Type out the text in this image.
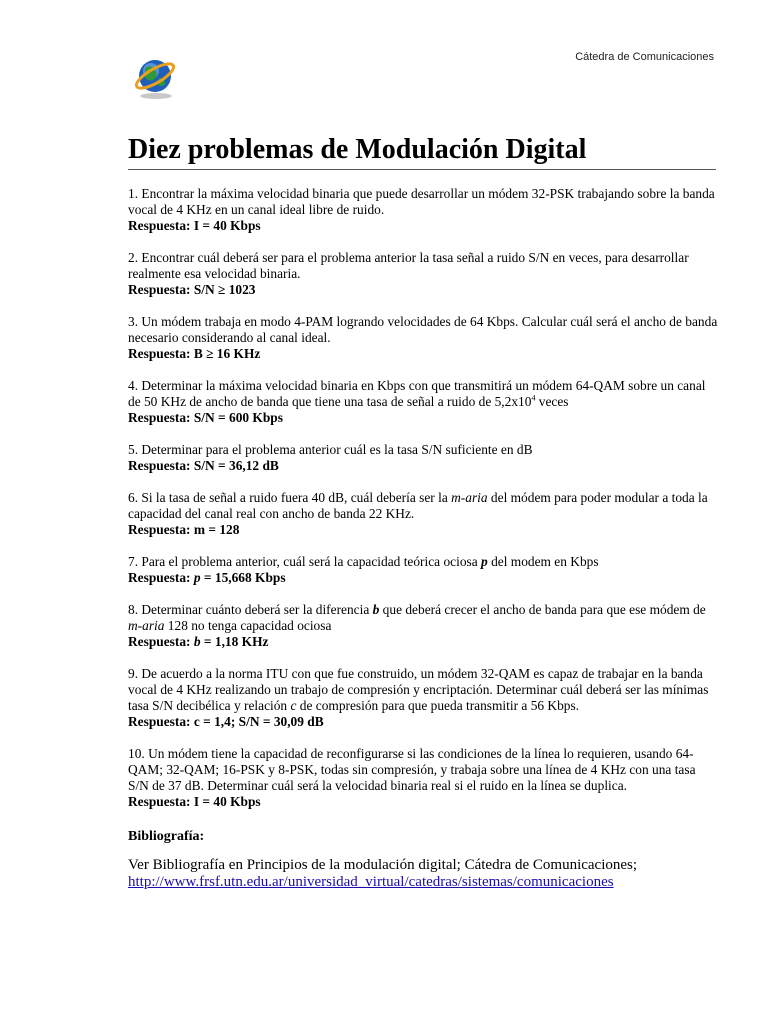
Cátedra de Comunicaciones
Diez problemas de Modulación Digital
1. Encontrar la máxima velocidad binaria que puede desarrollar un módem 32-PSK trabajando sobre la banda vocal de 4 KHz en un canal ideal libre de ruido.
Respuesta: I = 40 Kbps
2. Encontrar cuál deberá ser para el problema anterior la tasa señal a ruido S/N en veces, para desarrollar realmente esa velocidad binaria.
Respuesta: S/N ≥ 1023
3. Un módem trabaja en modo 4-PAM logrando velocidades de 64 Kbps. Calcular cuál será el ancho de banda necesario considerando al canal ideal.
Respuesta: B ≥ 16 KHz
4. Determinar la máxima velocidad binaria en Kbps con que transmitirá un módem 64-QAM sobre un canal de 50 KHz de ancho de banda que tiene una tasa de señal a ruido de $5,2x10^4$ veces
Respuesta: S/N = 600 Kbps
5. Determinar para el problema anterior cuál es la tasa S/N suficiente en dB
Respuesta: S/N = 36,12 dB
6. Si la tasa de señal a ruido fuera 40 dB, cuál debería ser la m-aria del módem para poder modular a toda la capacidad del canal real con ancho de banda 22 KHz.
Respuesta: m = 128
7. Para el problema anterior, cuál será la capacidad teórica ociosa p del modem en Kbps
Respuesta: p = 15,668 Kbps
8. Determinar cuánto deberá ser la diferencia b que deberá crecer el ancho de banda para que ese módem de m-aria 128 no tenga capacidad ociosa
Respuesta: b = 1,18 KHz
9. De acuerdo a la norma ITU con que fue construido, un módem 32-QAM es capaz de trabajar en la banda vocal de 4 KHz realizando un trabajo de compresión y encriptación. Determinar cuál deberá ser las mínimas tasa S/N decibélica y relación c de compresión para que pueda transmitir a 56 Kbps.
Respuesta: c = 1,4; S/N = 30,09 dB
10. Un módem tiene la capacidad de reconfigurarse si las condiciones de la línea lo requieren, usando 64-QAM; 32-QAM; 16-PSK y 8-PSK, todas sin compresión, y trabaja sobre una línea de 4 KHz con una tasa S/N de 37 dB. Determinar cuál será la velocidad binaria real si el ruido en la línea se duplica.
Respuesta: I = 40 Kbps
Bibliografía:
Ver Bibliografía en Principios de la modulación digital; Cátedra de Comunicaciones;
http://www.frsf.utn.edu.ar/universidad_virtual/catedras/sistemas/comunicaciones
